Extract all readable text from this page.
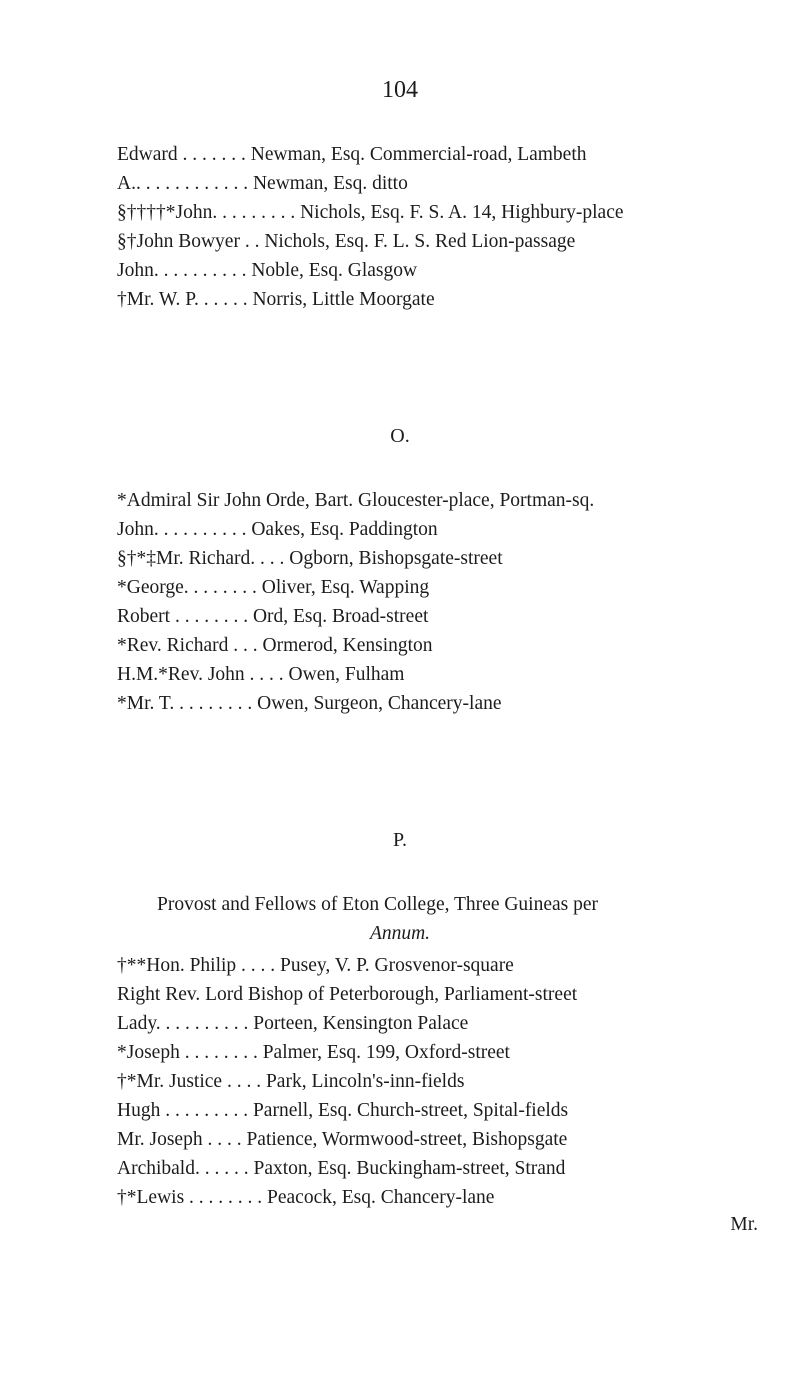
104
Edward . . . . . . . Newman, Esq. Commercial-road, Lambeth
A.. . . . . . . . . . . . Newman, Esq. ditto
§††††*John. . . . . . . . . Nichols, Esq. F. S. A. 14, Highbury-place
§†John Bowyer . . Nichols, Esq. F. L. S. Red Lion-passage
John. . . . . . . . . . Noble, Esq. Glasgow
†Mr. W. P. . . . . . Norris, Little Moorgate
O.
*Admiral Sir John Orde, Bart. Gloucester-place, Portman-sq.
John. . . . . . . . . . Oakes, Esq. Paddington
§†*‡Mr. Richard. . . . Ogborn, Bishopsgate-street
*George. . . . . . . . Oliver, Esq. Wapping
Robert . . . . . . . . Ord, Esq. Broad-street
*Rev. Richard . . . Ormerod, Kensington
H.M.*Rev. John . . . . Owen, Fulham
*Mr. T. . . . . . . . . Owen, Surgeon, Chancery-lane
P.
Provost and Fellows of Eton College, Three Guineas per
Annum.
†**Hon. Philip . . . . Pusey, V. P. Grosvenor-square
Right Rev. Lord Bishop of Peterborough, Parliament-street
Lady. . . . . . . . . . Porteen, Kensington Palace
*Joseph . . . . . . . . Palmer, Esq. 199, Oxford-street
†*Mr. Justice . . . . Park, Lincoln's-inn-fields
Hugh . . . . . . . . . Parnell, Esq. Church-street, Spital-fields
Mr. Joseph . . . . Patience, Wormwood-street, Bishopsgate
Archibald. . . . . . Paxton, Esq. Buckingham-street, Strand
†*Lewis . . . . . . . . Peacock, Esq. Chancery-lane
Mr.
